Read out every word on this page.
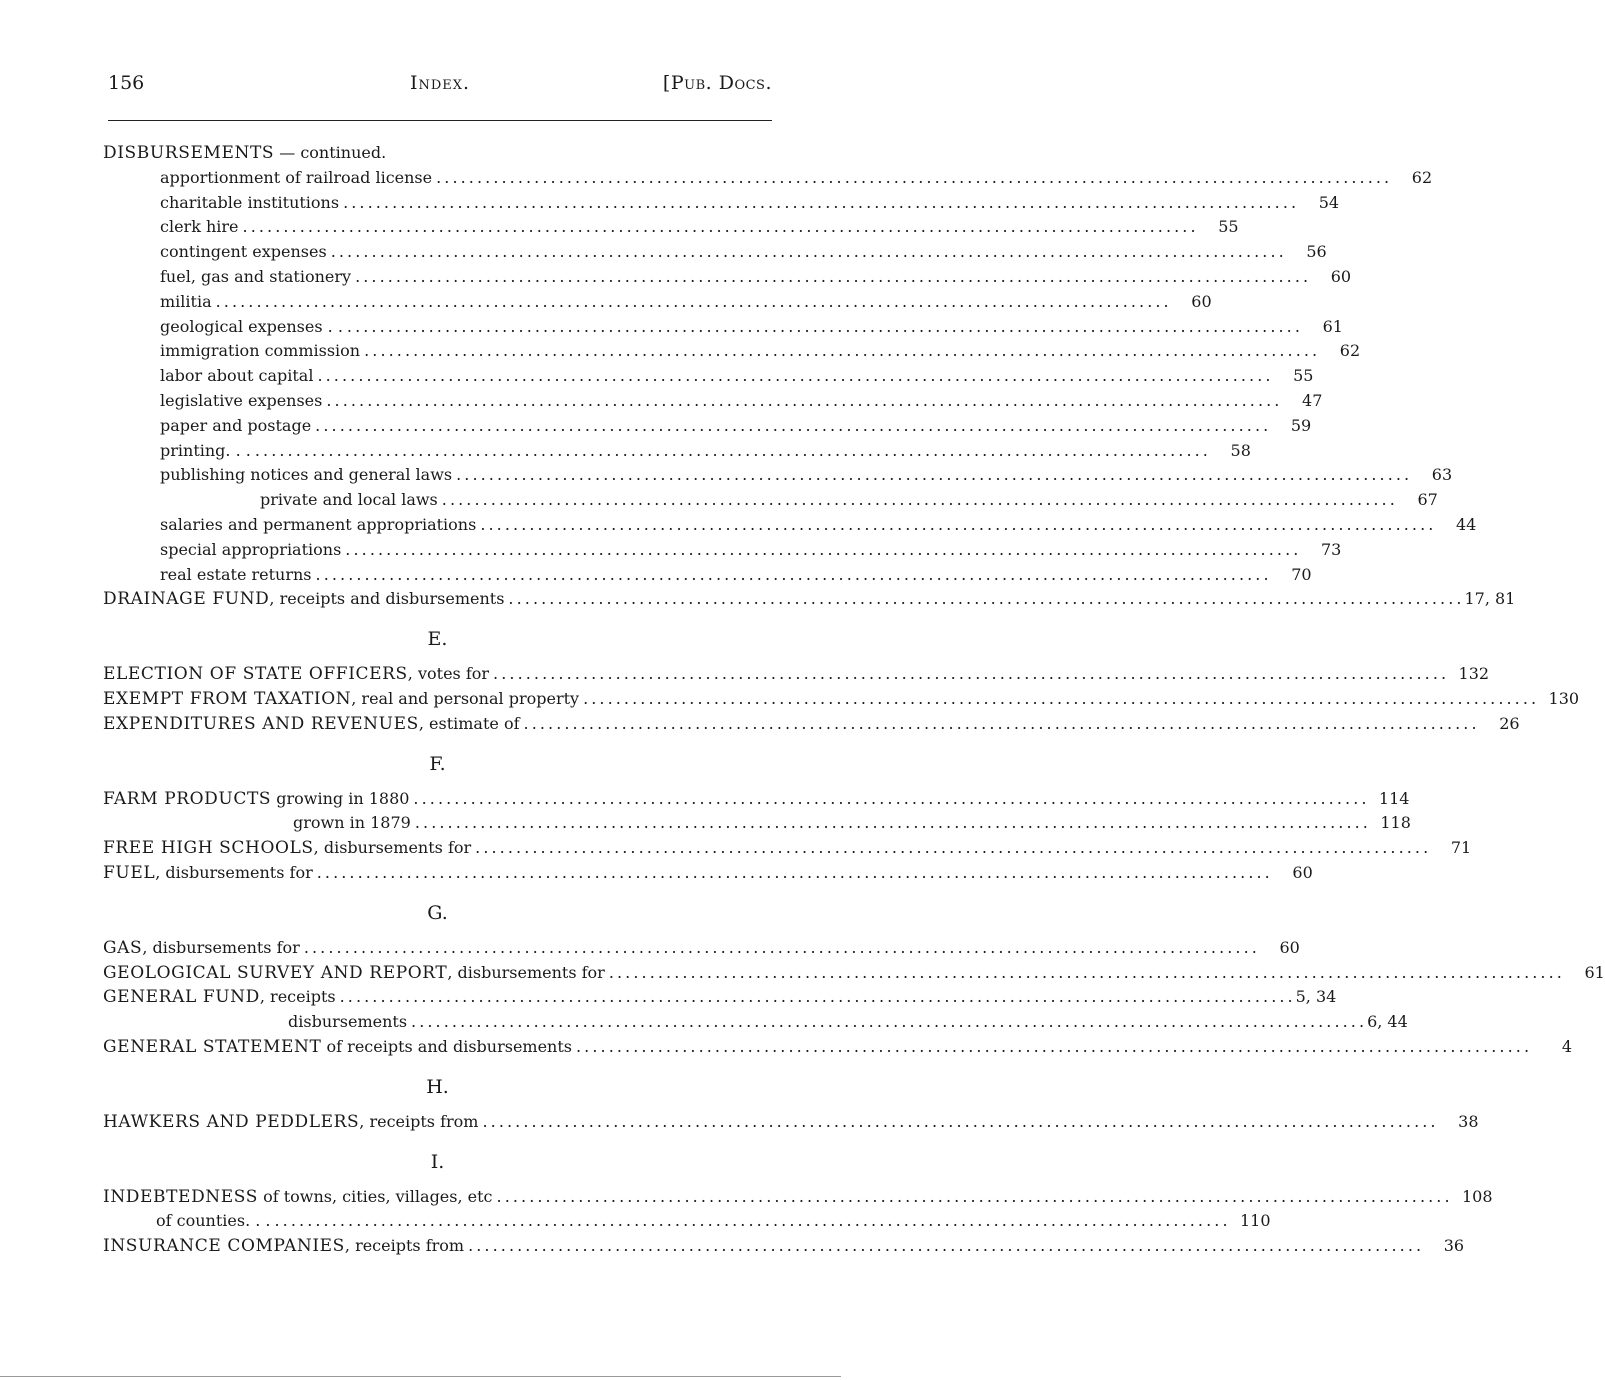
156	Index.	[Pub. Docs.
DISBURSEMENTS — continued.
apportionment of railroad license . . .	62
charitable institutions . . .	54
clerk hire . . .	55
contingent expenses . . .	56
fuel, gas and stationery . . .	60
militia . . .	60
geological expenses . . . . .	61
immigration commission . . .	62
labor about capital . . .	55
legislative expenses . . .	47
paper and postage . . .	59
printing. . . . . .	58
publishing notices and general laws . . .	63
private and local laws . . .	67
salaries and permanent appropriations . . .	44
special appropriations . . .	73
real estate returns . . .	70
DRAINAGE FUND, receipts and disbursements . . .	17, 81
E.
ELECTION OF STATE OFFICERS, votes for . . .	132
EXEMPT FROM TAXATION, real and personal property . . .	130
EXPENDITURES AND REVENUES, estimate of . . .	26
F.
FARM PRODUCTS growing in 1880 . . .	114
grown in 1879 . . .	118
FREE HIGH SCHOOLS, disbursements for . . .	71
FUEL, disbursements for . . .	60
G.
GAS, disbursements for . . .	60
GEOLOGICAL SURVEY AND REPORT, disbursements for . . .	61
GENERAL FUND, receipts . . .	5, 34
disbursements . . .	6, 44
GENERAL STATEMENT of receipts and disbursements . . .	4
H.
HAWKERS AND PEDDLERS, receipts from . . .	38
I.
INDEBTEDNESS of towns, cities, villages, etc . . .	108
of counties. . . . . .	110
INSURANCE COMPANIES, receipts from . . .	36
